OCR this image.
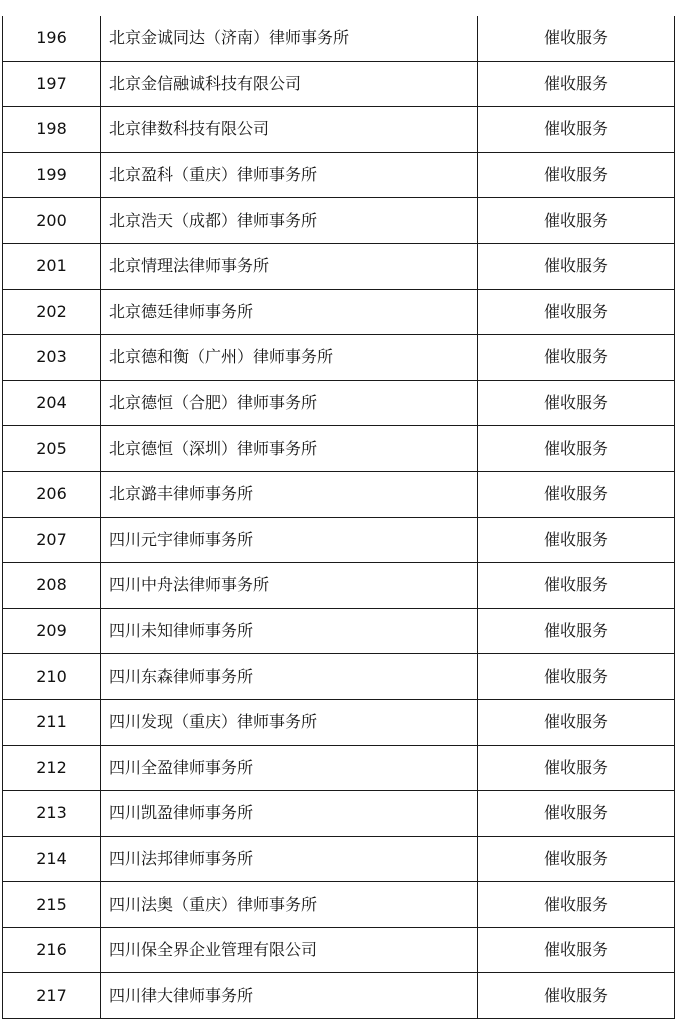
196	北京金诚同达（济南）律师事务所	催收服务
197	北京金信融诚科技有限公司	催收服务
198	北京律数科技有限公司	催收服务
199	北京盈科（重庆）律师事务所	催收服务
200	北京浩天（成都）律师事务所	催收服务
201	北京情理法律师事务所	催收服务
202	北京德廷律师事务所	催收服务
203	北京德和衡（广州）律师事务所	催收服务
204	北京德恒（合肥）律师事务所	催收服务
205	北京德恒（深圳）律师事务所	催收服务
206	北京潞丰律师事务所	催收服务
207	四川元宇律师事务所	催收服务
208	四川中舟法律师事务所	催收服务
209	四川未知律师事务所	催收服务
210	四川东森律师事务所	催收服务
211	四川发现（重庆）律师事务所	催收服务
212	四川全盈律师事务所	催收服务
213	四川凯盈律师事务所	催收服务
214	四川法邦律师事务所	催收服务
215	四川法奥（重庆）律师事务所	催收服务
216	四川保全界企业管理有限公司	催收服务
217	四川律大律师事务所	催收服务
